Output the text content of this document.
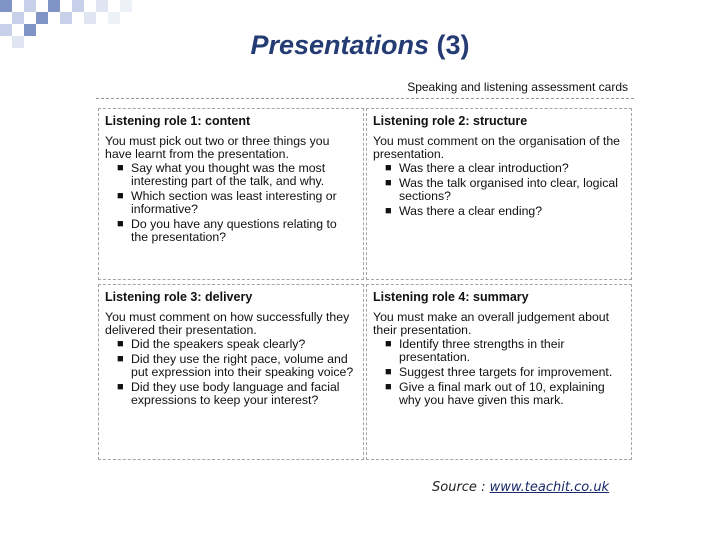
Presentations (3)
Speaking and listening assessment cards
Listening role 1: content
You must pick out two or three things you have learnt from the presentation.
■ Say what you thought was the most interesting part of the talk, and why.
■ Which section was least interesting or informative?
■ Do you have any questions relating to the presentation?
Listening role 2: structure
You must comment on the organisation of the presentation.
■ Was there a clear introduction?
■ Was the talk organised into clear, logical sections?
■ Was there a clear ending?
Listening role 3: delivery
You must comment on how successfully they delivered their presentation.
■ Did the speakers speak clearly?
■ Did they use the right pace, volume and put expression into their speaking voice?
■ Did they use body language and facial expressions to keep your interest?
Listening role 4: summary
You must make an overall judgement about their presentation.
■ Identify three strengths in their presentation.
■ Suggest three targets for improvement.
■ Give a final mark out of 10, explaining why you have given this mark.
Source : www.teachit.co.uk
